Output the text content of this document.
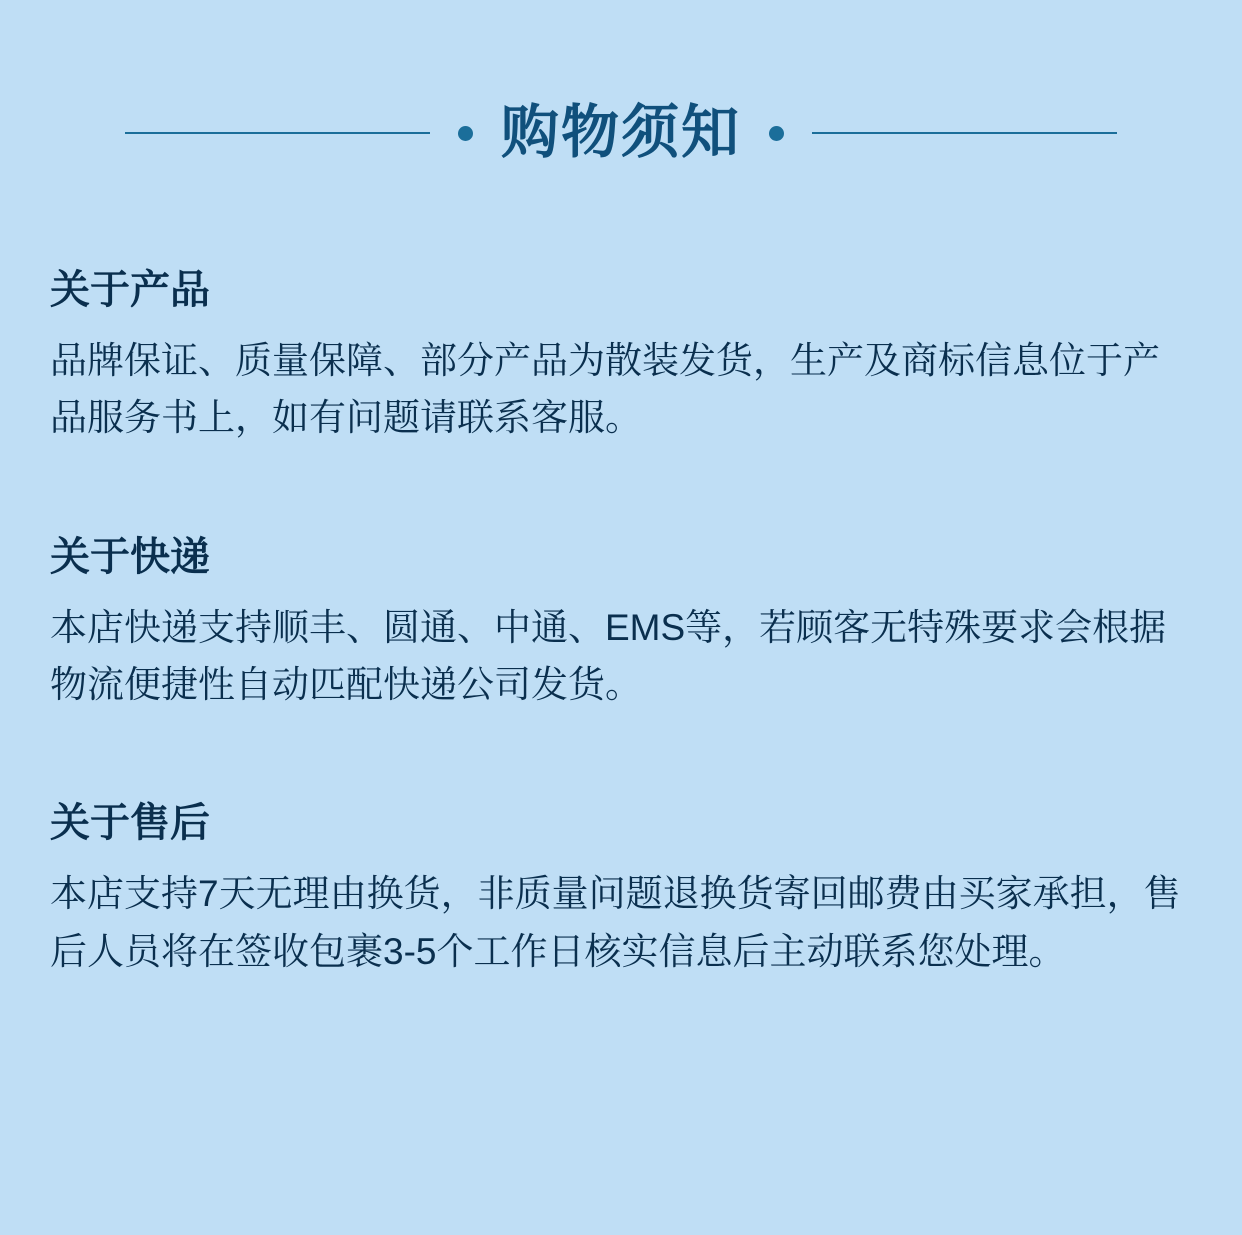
购物须知
关于产品
品牌保证、质量保障、部分产品为散装发货，生产及商标信息位于产品服务书上，如有问题请联系客服。
关于快递
本店快递支持顺丰、圆通、中通、EMS等，若顾客无特殊要求会根据物流便捷性自动匹配快递公司发货。
关于售后
本店支持7天无理由换货，非质量问题退换货寄回邮费由买家承担，售后人员将在签收包裹3-5个工作日核实信息后主动联系您处理。
